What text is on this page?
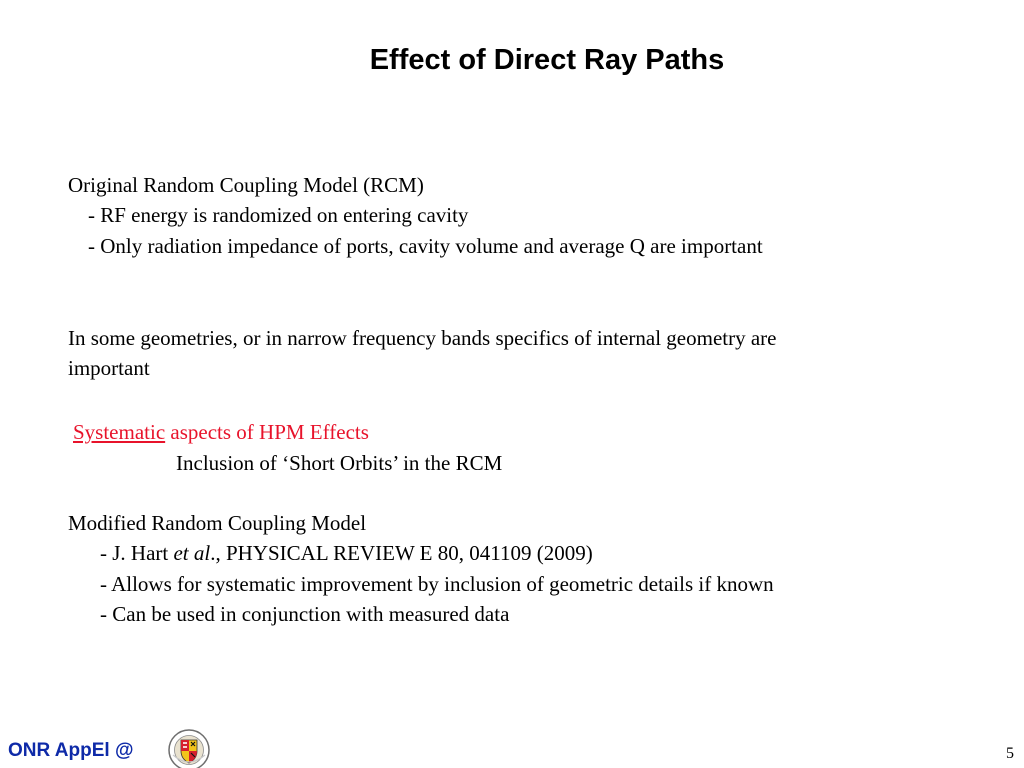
Effect of Direct Ray Paths
Original Random Coupling Model (RCM)
- RF energy is randomized on entering cavity
- Only radiation impedance of ports, cavity volume and average Q are important
In some geometries, or in narrow frequency bands specifics of internal geometry are
important
Systematic aspects of HPM Effects
Inclusion of ‘Short Orbits’ in the RCM
Modified Random Coupling Model
- J. Hart et al., PHYSICAL REVIEW E 80, 041109 (2009)
- Allows for systematic improvement by inclusion of geometric details if known
- Can be used in conjunction with measured data
ONR AppEl @	5
